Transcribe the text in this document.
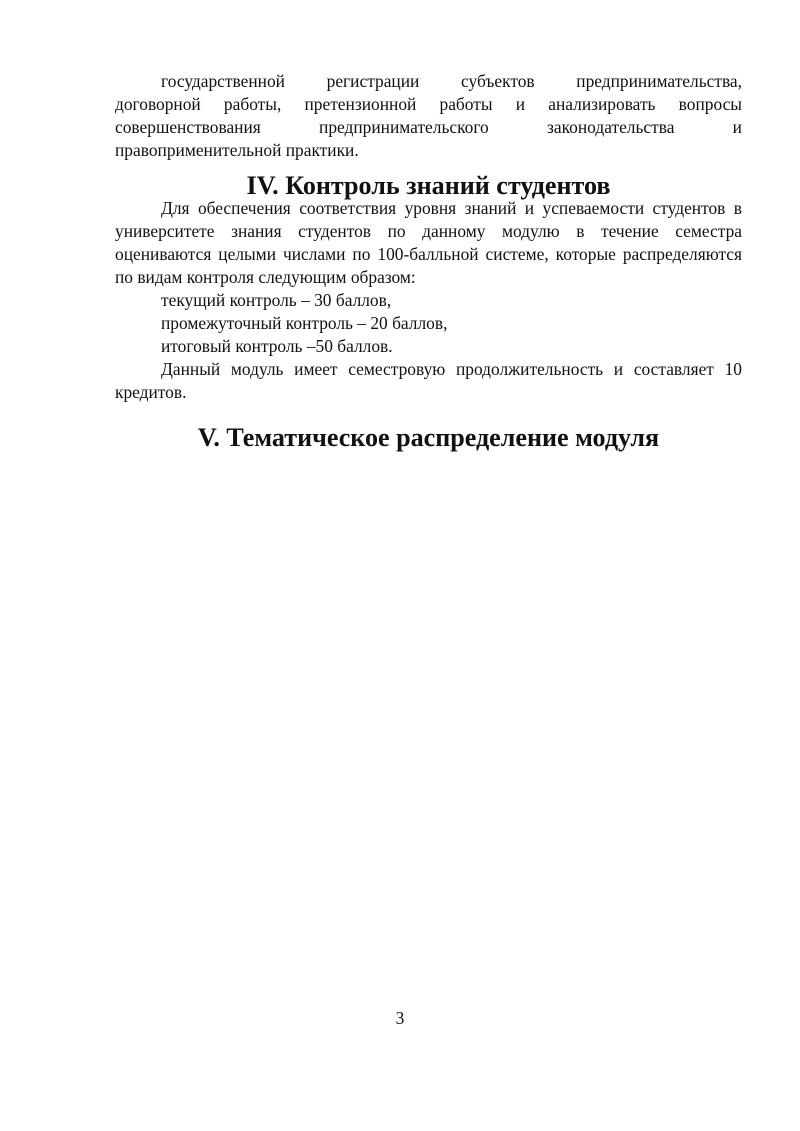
государственной регистрации субъектов предпринимательства,

договорной работы, претензионной работы и анализировать вопросы

совершенствования предпринимательского законодательства и

правоприменительной практики.

IV. Контроль знаний студентов

Для обеспечения соответствия уровня знаний и успеваемости студентов в университете знания студентов по данному модулю в течение семестра оцениваются целыми числами по 100-балльной системе, которые распределяются по видам контроля следующим образом:

текущий контроль – 30 баллов,

промежуточный контроль – 20 баллов,

итоговый контроль –50 баллов.

Данный модуль имеет семестровую продолжительность и составляет 10 кредитов.

V. Тематическое распределение модуля
3
